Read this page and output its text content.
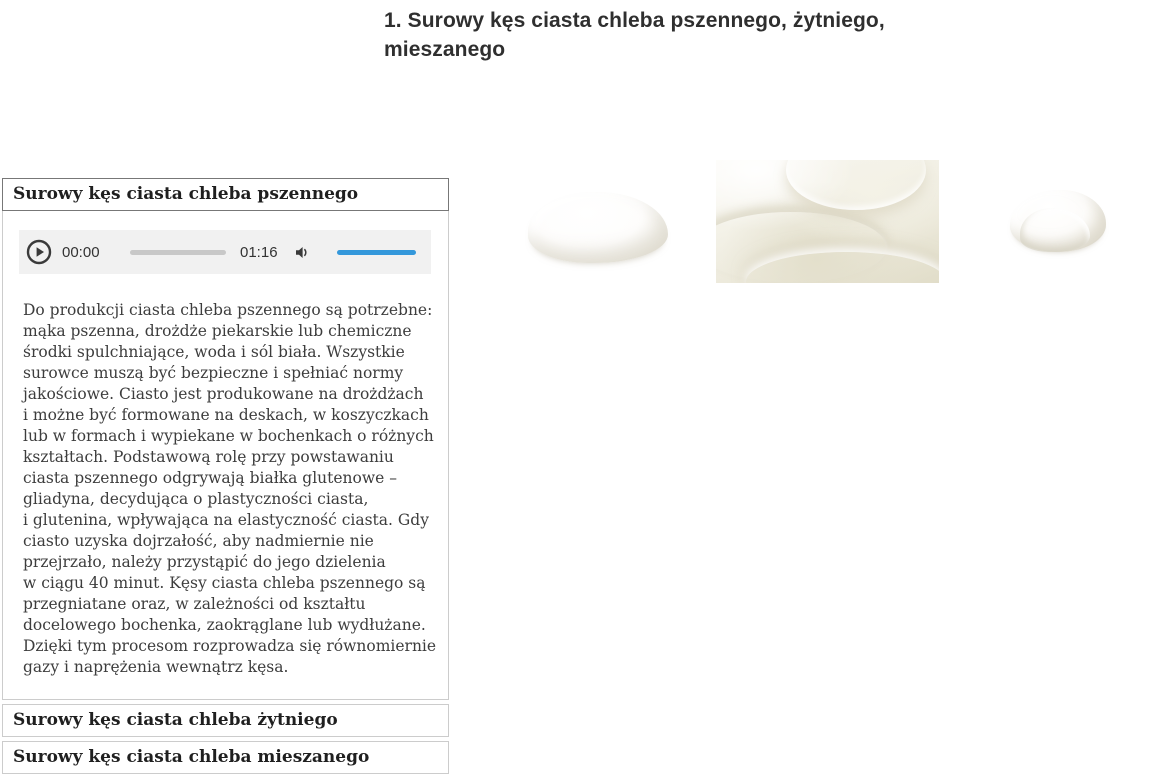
1. Surowy kęs ciasta chleba pszennego, żytniego, mieszanego
Surowy kęs ciasta chleba pszennego
00:00	01:16

Do produkcji ciasta chleba pszennego są potrzebne: mąka pszenna, drożdże piekarskie lub chemiczne środki spulchniające, woda i sól biała. Wszystkie surowce muszą być bezpieczne i spełniać normy jakościowe. Ciasto jest produkowane na drożdżach i możne być formowane na deskach, w koszyczkach lub w formach i wypiekane w bochenkach o różnych kształtach. Podstawową rolę przy powstawaniu ciasta pszennego odgrywają białka glutenowe – gliadyna, decydująca o plastyczności ciasta, i glutenina, wpływająca na elastyczność ciasta. Gdy ciasto uzyska dojrzałość, aby nadmiernie nie przejrzało, należy przystąpić do jego dzielenia w ciągu 40 minut. Kęsy ciasta chleba pszennego są przegniatane oraz, w zależności od kształtu docelowego bochenka, zaokrąglane lub wydłużane. Dzięki tym procesom rozprowadza się równomiernie gazy i naprężenia wewnątrz kęsa.

Surowy kęs ciasta chleba żytniego
Surowy kęs ciasta chleba mieszanego
